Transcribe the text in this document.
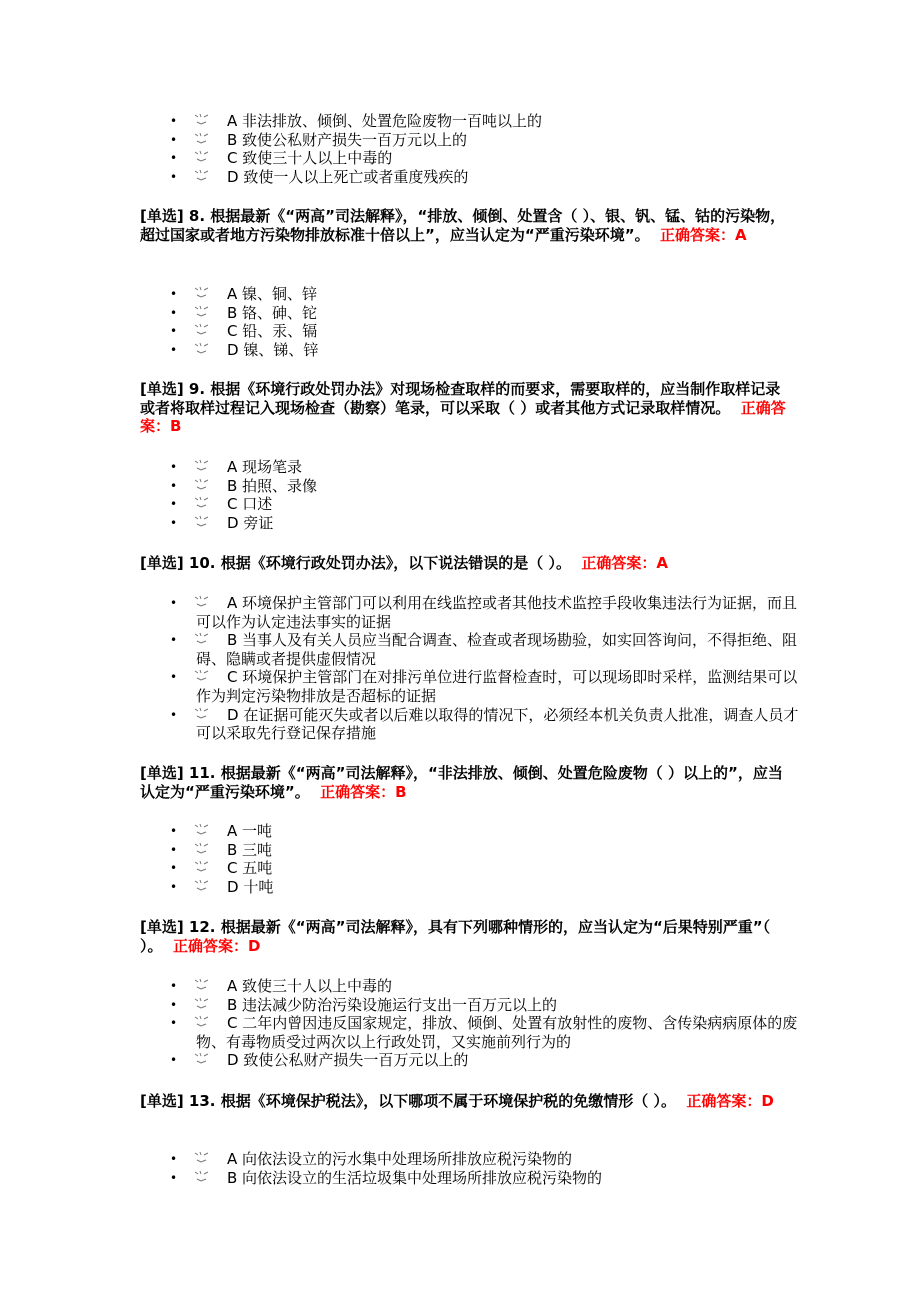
•	A 非法排放、倾倒、处置危险废物一百吨以上的
•	B 致使公私财产损失一百万元以上的
•	C 致使三十人以上中毒的
•	D 致使一人以上死亡或者重度残疾的
[单选] 8. 根据最新《“两高”司法解释》，“排放、倾倒、处置含（ ）、银、钒、锰、钴的污染物，超过国家或者地方污染物排放标准十倍以上”，应当认定为“严重污染环境”。 正确答案：A
•	A 镍、铜、锌
•	B 铬、砷、铊
•	C 铅、汞、镉
•	D 镍、锑、锌
[单选] 9. 根据《环境行政处罚办法》对现场检查取样的而要求，需要取样的，应当制作取样记录或者将取样过程记入现场检查（勘察）笔录，可以采取（ ）或者其他方式记录取样情况。 正确答案：B
•	A 现场笔录
•	B 拍照、录像
•	C 口述
•	D 旁证
[单选] 10. 根据《环境行政处罚办法》，以下说法错误的是（ ）。 正确答案：A
•	A 环境保护主管部门可以利用在线监控或者其他技术监控手段收集违法行为证据，而且可以作为认定违法事实的证据
•	B 当事人及有关人员应当配合调查、检查或者现场勘验，如实回答询问，不得拒绝、阻碍、隐瞒或者提供虚假情况
•	C 环境保护主管部门在对排污单位进行监督检查时，可以现场即时采样，监测结果可以作为判定污染物排放是否超标的证据
•	D 在证据可能灭失或者以后难以取得的情况下，必须经本机关负责人批准，调查人员才可以采取先行登记保存措施
[单选] 11. 根据最新《“两高”司法解释》，“非法排放、倾倒、处置危险废物（ ）以上的”，应当认定为“严重污染环境”。 正确答案：B
•	A 一吨
•	B 三吨
•	C 五吨
•	D 十吨
[单选] 12. 根据最新《“两高”司法解释》，具有下列哪种情形的，应当认定为“后果特别严重”（ ）。 正确答案：D
•	A 致使三十人以上中毒的
•	B 违法减少防治污染设施运行支出一百万元以上的
•	C 二年内曾因违反国家规定，排放、倾倒、处置有放射性的废物、含传染病病原体的废物、有毒物质受过两次以上行政处罚，又实施前列行为的
•	D 致使公私财产损失一百万元以上的
[单选] 13. 根据《环境保护税法》，以下哪项不属于环境保护税的免缴情形（ ）。 正确答案：D
•	A 向依法设立的污水集中处理场所排放应税污染物的
•	B 向依法设立的生活垃圾集中处理场所排放应税污染物的
